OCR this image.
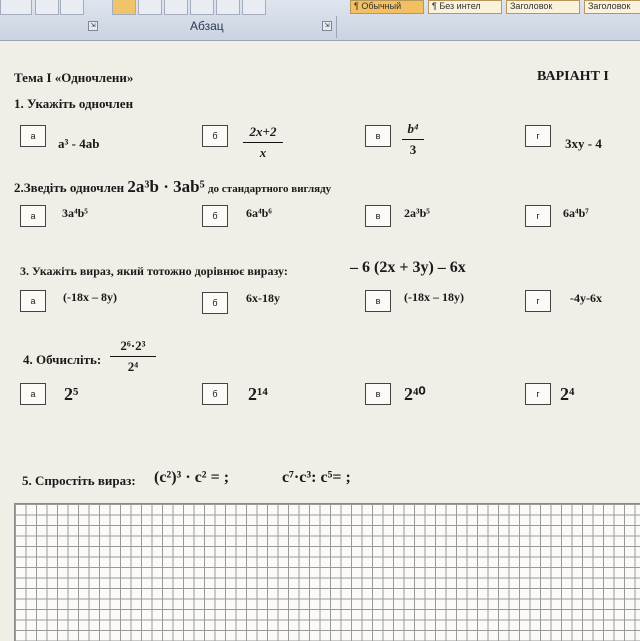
⇲	Абзац	⇲
¶ Обычный	¶ Без интел	Заголовок	Заголовок
Тема І «Одночлени»	ВАРІАНТ І
1. Укажіть одночлен
а	a³ - 4ab	б	2x+2
x
в	b⁴
3
г	3xy - 4
2.Зведіть одночлен 2a³b · 3ab⁵ до стандартного вигляду
а	3a⁴b⁵	б	6a⁴b⁶	в	2a³b⁵	г	6a⁴b⁷
3. Укажіть вираз, який тотожно дорівнює виразу:	– 6 (2x + 3y) – 6x
а	(-18x – 8y)	б	6x-18y	в	(-18x – 18y)	г	-4y-6x
4. Обчисліть:
2⁶·2³
2⁴
а	2⁵	б	2¹⁴	в	2⁴⁰	г	2⁴
5. Спростіть вираз: (c²)³ · c² = ;	c⁷·c³: c⁵= ;
